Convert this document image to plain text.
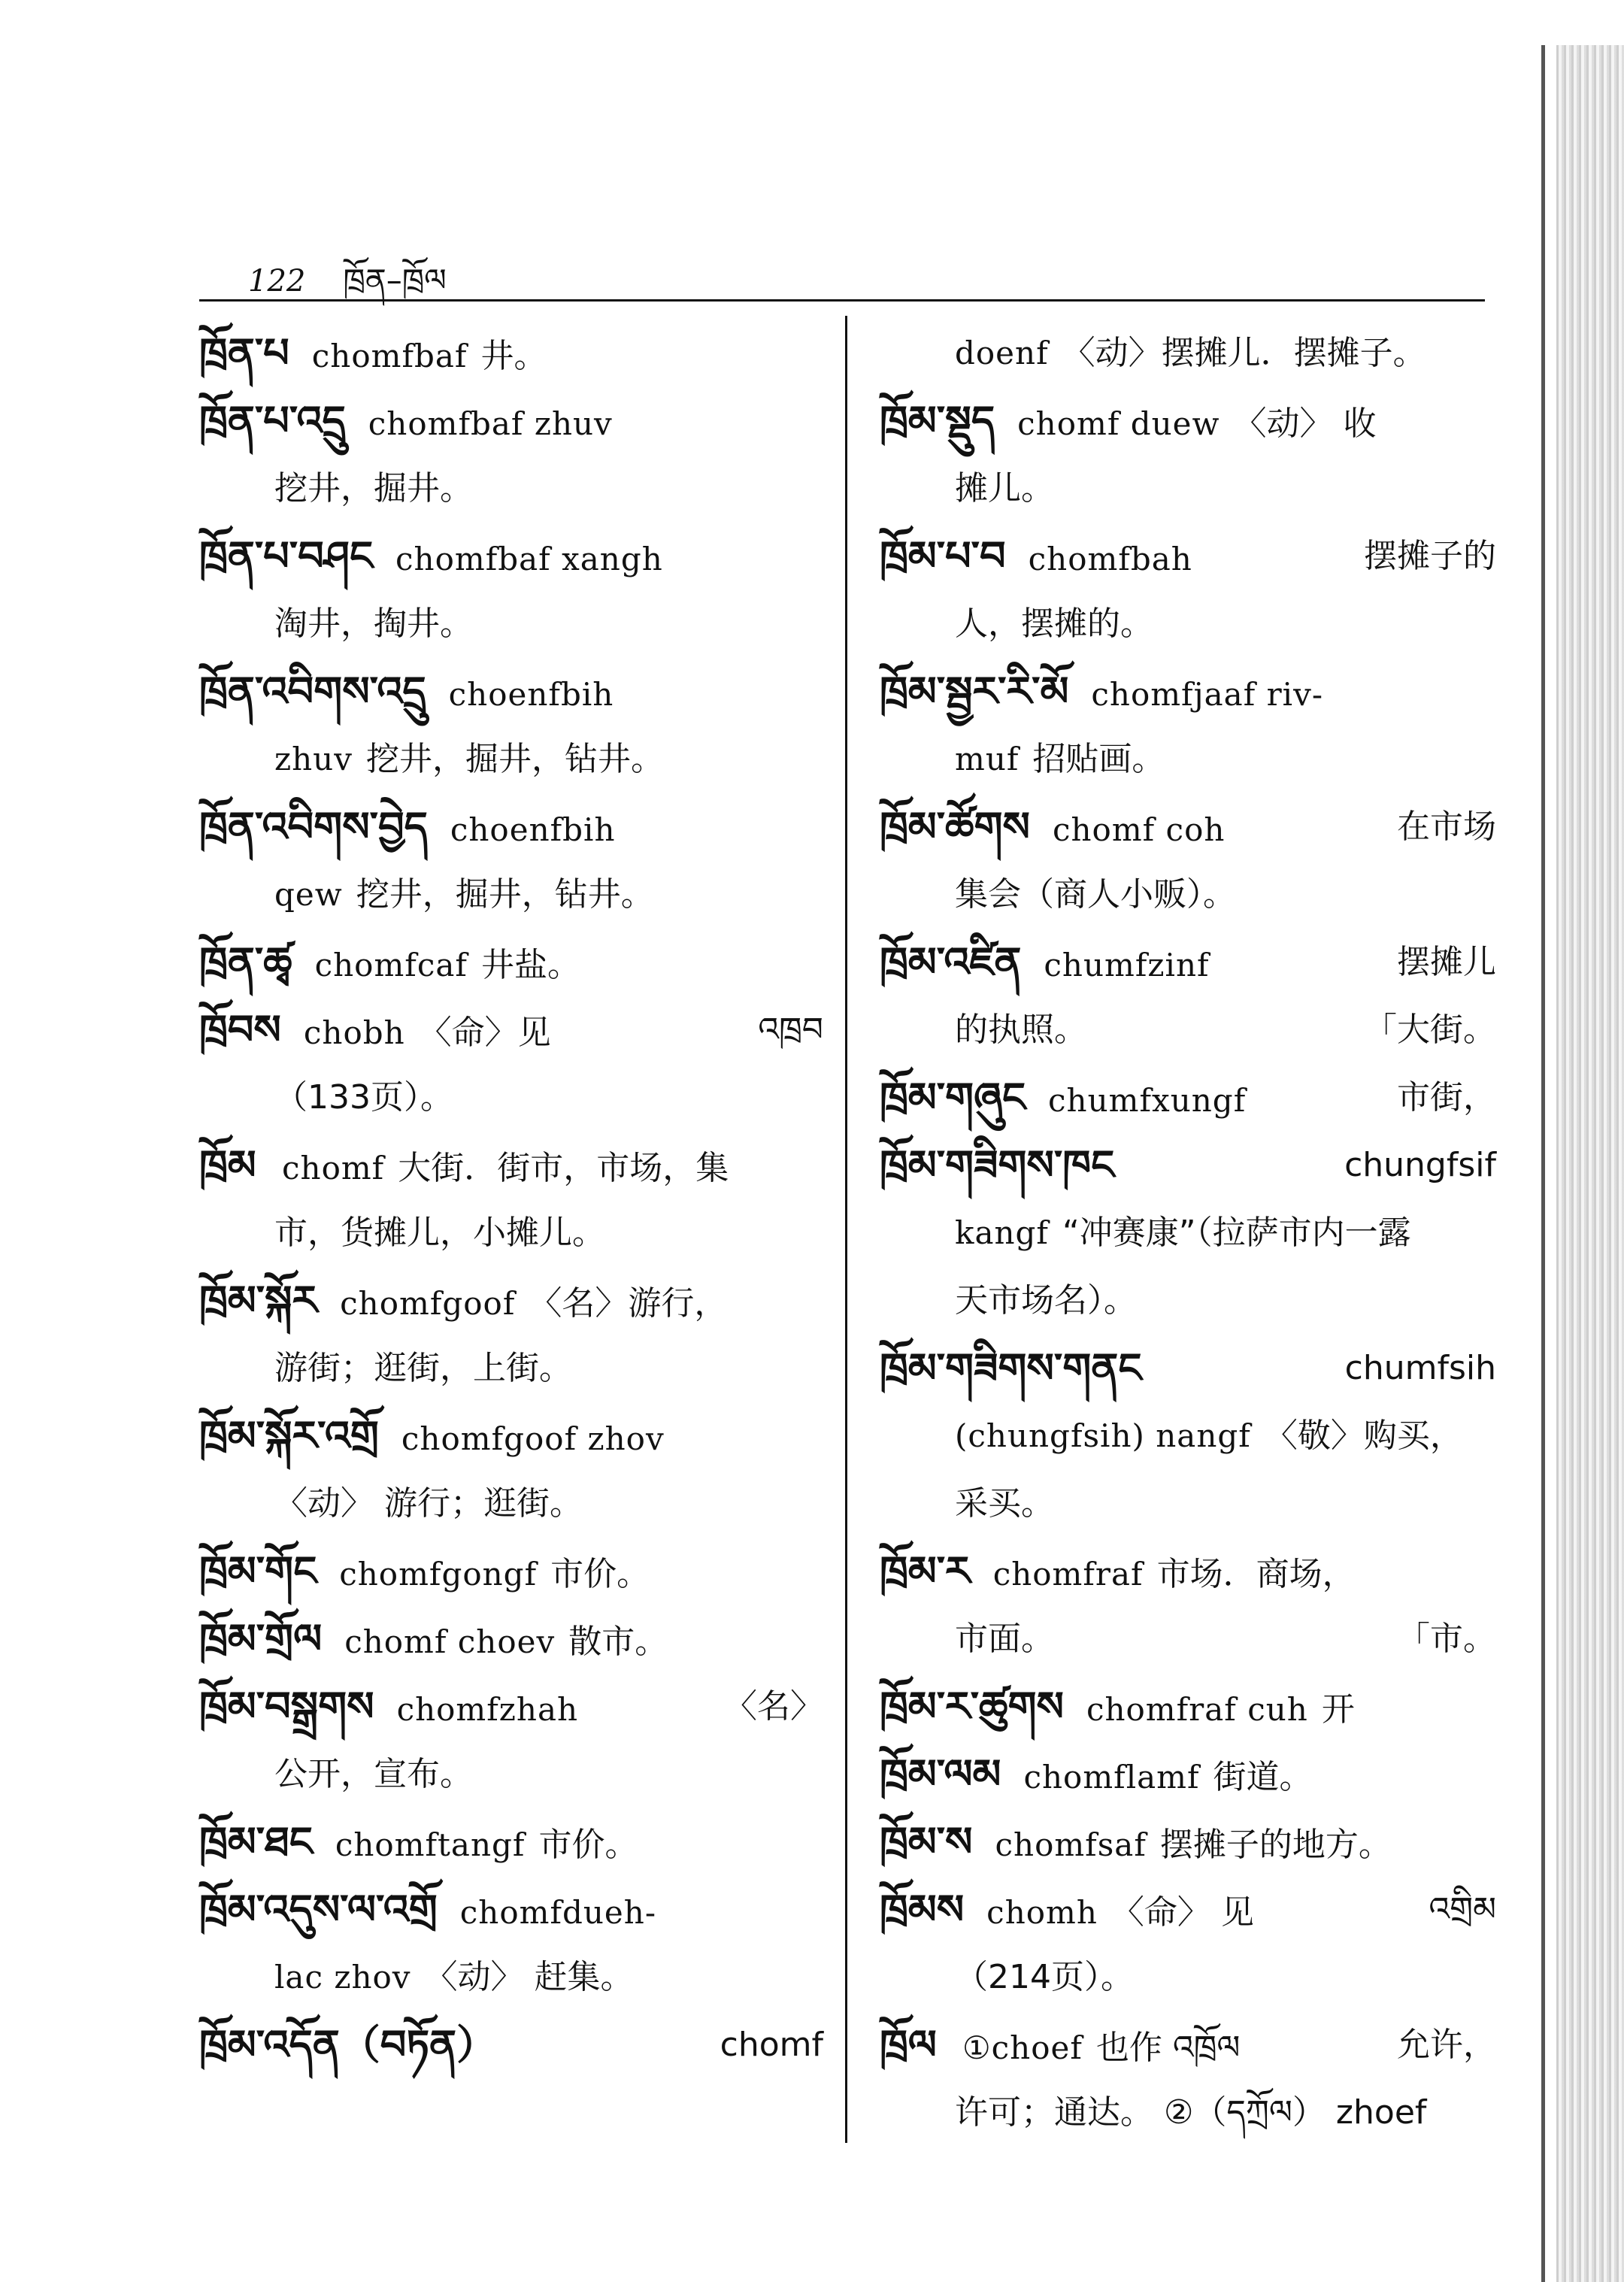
122 ཁྲོན–ཁྲོལ
ཁྲོན་པ chomfbaf 井。
ཁྲོན་པ་འདྲུ chomfbaf zhuv
挖井，掘井。
ཁྲོན་པ་བཤང chomfbaf xangh
淘井，掏井。
ཁྲོན་འབིགས་འདྲུ choenfbih
zhuv 挖井，掘井，钻井。
ཁྲོན་འབིགས་བྱེད choenfbih
qew 挖井，掘井，钻井。
ཁྲོན་ཚྭ chomfcaf 井盐。
ཁྲོབས chobh 〈命〉见	འཁྲབ
（133页）。
ཁྲོམ chomf 大街．街市，市场，集
市，货摊儿，小摊儿。
ཁྲོམ་སྐོར chomfgoof 〈名〉游行，
游街；逛街，上街。
ཁྲོམ་སྐོར་འགྲོ chomfgoof zhov
〈动〉 游行；逛街。
ཁྲོམ་གོང chomfgongf 市价。
ཁྲོམ་གྲོལ chomf choev 散市。
ཁྲོམ་བསྒྲགས chomfzhah	〈名〉
公开，宣布。
ཁྲོམ་ཐང chomftangf 市价。
ཁྲོམ་འདུས་ལ་འགྲོ chomfdueh-
lac zhov 〈动〉 赶集。
ཁྲོམ་འདོན（བཏོན）	chomf
doenf 〈动〉摆摊儿．摆摊子。
ཁྲོམ་སྡུད chomf duew 〈动〉 收
摊儿。
ཁྲོམ་པ་བ chomfbah	摆摊子的
人，摆摊的。
ཁྲོམ་སྦྱར་རི་མོ chomfjaaf riv-
muf 招贴画。
ཁྲོམ་ཚོགས chomf coh	在市场
集会（商人小贩）。
ཁྲོམ་འཛིན chumfzinf	摆摊儿
的执照。	「大街。
ཁྲོམ་གཞུང chumfxungf	市街，
ཁྲོམ་གཟིགས་ཁང	chungfsif
kangf “冲赛康”（拉萨市内一露
天市场名）。
ཁྲོམ་གཟིགས་གནང	chumfsih
(chungfsih) nangf 〈敬〉购买，
采买。
ཁྲོམ་ར chomfraf 市场．商场，
市面。	「市。
ཁྲོམ་ར་ཚུགས chomfraf cuh 开
ཁྲོམ་ལམ chomflamf 街道。
ཁྲོམ་ས chomfsaf 摆摊子的地方。
ཁྲོམས chomh 〈命〉 见	འགྲིམ
（214页）。
ཁྲོལ ①choef 也作 འཁྲོལ	允许，
许可；通达。 ②（དཀྲོལ） zhoef
